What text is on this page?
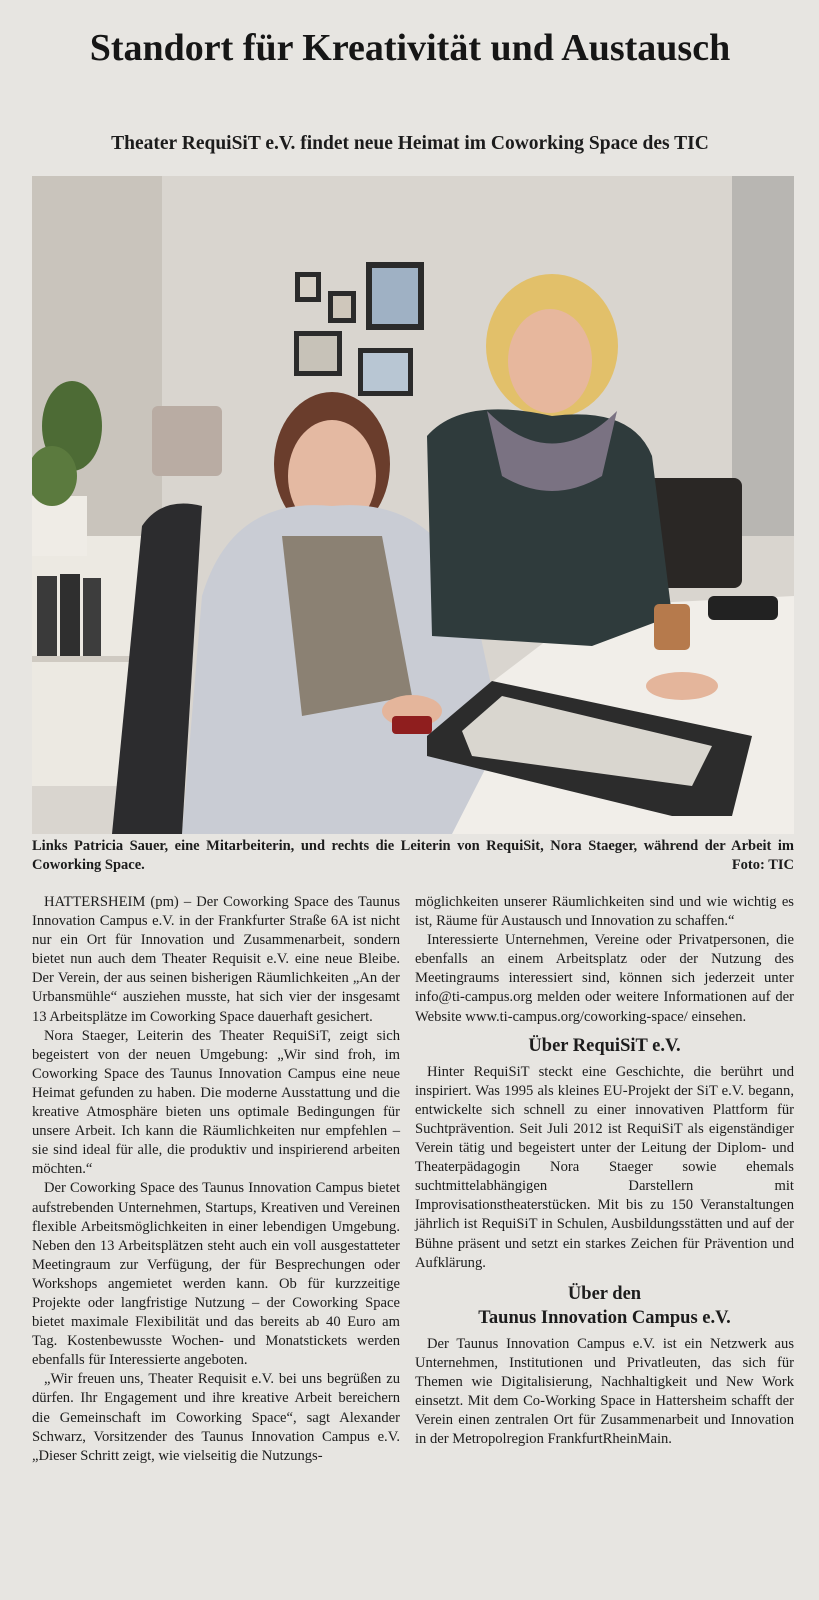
Standort für Kreativität und Austausch
Theater RequiSiT e.V. findet neue Heimat im Coworking Space des TIC
Links Patricia Sauer, eine Mitarbeiterin, und rechts die Leiterin von RequiSit, Nora Staeger, während der Arbeit im Coworking Space.	Foto: TIC

HATTERSHEIM (pm) – Der Coworking Space des Taunus Innovation Campus e.V. in der Frankfurter Straße 6A ist nicht nur ein Ort für Innovation und Zusammenarbeit, sondern bietet nun auch dem Theater Requisit e.V. eine neue Bleibe. Der Verein, der aus seinen bisherigen Räumlichkeiten „An der Urbansmühle“ ausziehen musste, hat sich vier der insgesamt 13 Arbeitsplätze im Coworking Space dauerhaft gesichert.

Nora Staeger, Leiterin des Theater RequiSiT, zeigt sich begeistert von der neuen Umgebung: „Wir sind froh, im Coworking Space des Taunus Innovation Campus eine neue Heimat gefunden zu haben. Die moderne Ausstattung und die kreative Atmosphäre bieten uns optimale Bedingungen für unsere Arbeit. Ich kann die Räumlichkeiten nur empfehlen – sie sind ideal für alle, die produktiv und inspirierend arbeiten möchten.“

Der Coworking Space des Taunus Innovation Campus bietet aufstrebenden Unternehmen, Startups, Kreativen und Vereinen flexible Arbeitsmöglichkeiten in einer lebendigen Umgebung. Neben den 13 Arbeitsplätzen steht auch ein voll ausgestatteter Meetingraum zur Verfügung, der für Besprechungen oder Workshops angemietet werden kann. Ob für kurzzeitige Projekte oder langfristige Nutzung – der Coworking Space bietet maximale Flexibilität und das bereits ab 40 Euro am Tag. Kostenbewusste Wochen- und Monatstickets werden ebenfalls für Interessierte angeboten.

„Wir freuen uns, Theater Requisit e.V. bei uns begrüßen zu dürfen. Ihr Engagement und ihre kreative Arbeit bereichern die Gemeinschaft im Coworking Space“, sagt Alexander Schwarz, Vorsitzender des Taunus Innovation Campus e.V. „Dieser Schritt zeigt, wie vielseitig die Nutzungs-

möglichkeiten unserer Räumlichkeiten sind und wie wichtig es ist, Räume für Austausch und Innovation zu schaffen.“

Interessierte Unternehmen, Vereine oder Privatpersonen, die ebenfalls an einem Arbeitsplatz oder der Nutzung des Meetingraums interessiert sind, können sich jederzeit unter info@ti-campus.org melden oder weitere Informationen auf der Website www.ti-campus.org/coworking-space/ einsehen.

Über RequiSiT e.V.

Hinter RequiSiT steckt eine Geschichte, die berührt und inspiriert. Was 1995 als kleines EU-Projekt der SiT e.V. begann, entwickelte sich schnell zu einer innovativen Plattform für Suchtprävention. Seit Juli 2012 ist RequiSiT als eigenständiger Verein tätig und begeistert unter der Leitung der Diplom- und Theaterpädagogin Nora Staeger sowie ehemals suchtmittelabhängigen Darstellern mit Improvisationstheaterstücken. Mit bis zu 150 Veranstaltungen jährlich ist RequiSiT in Schulen, Ausbildungsstätten und auf der Bühne präsent und setzt ein starkes Zeichen für Prävention und Aufklärung.

Über den
Taunus Innovation Campus e.V.

Der Taunus Innovation Campus e.V. ist ein Netzwerk aus Unternehmen, Institutionen und Privatleuten, das sich für Themen wie Digitalisierung, Nachhaltigkeit und New Work einsetzt. Mit dem Co-Working Space in Hattersheim schafft der Verein einen zentralen Ort für Zusammenarbeit und Innovation in der Metropolregion FrankfurtRheinMain.
